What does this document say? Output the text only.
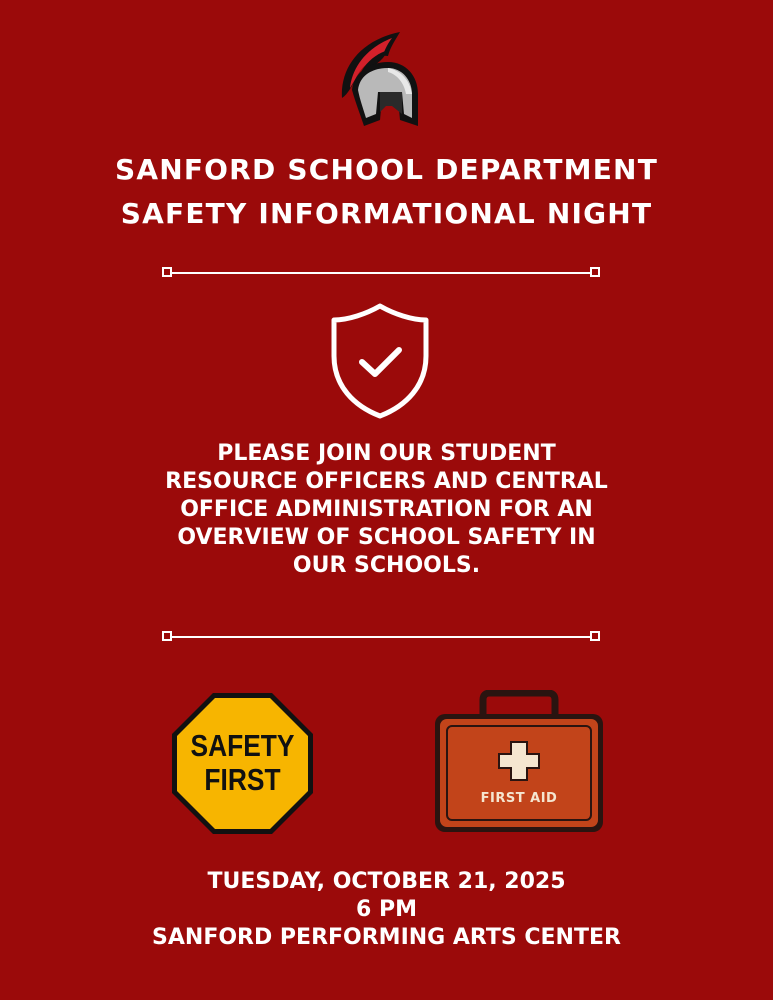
SANFORD SCHOOL DEPARTMENT
SAFETY INFORMATIONAL NIGHT
PLEASE JOIN OUR STUDENT RESOURCE OFFICERS AND CENTRAL OFFICE ADMINISTRATION FOR AN OVERVIEW OF SCHOOL SAFETY IN OUR SCHOOLS.
SAFETY
FIRST
FIRST AID
TUESDAY, OCTOBER 21, 2025
6 PM
SANFORD PERFORMING ARTS CENTER
